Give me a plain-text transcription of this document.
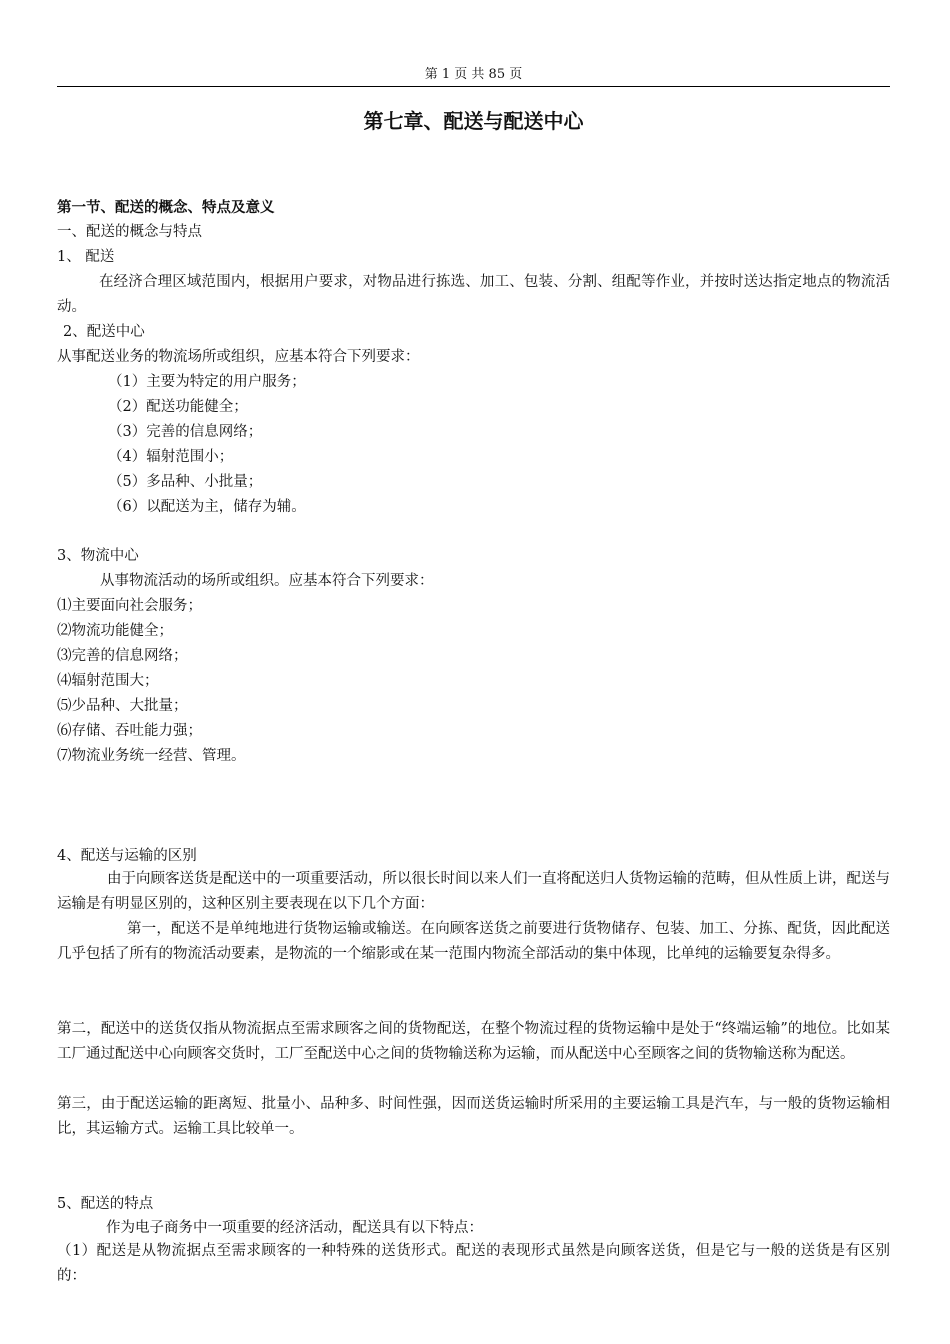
第 1 页 共 85 页
第七章、配送与配送中心
第一节、配送的概念、特点及意义
一、配送的概念与特点
1、 配送
在经济合理区域范围内，根据用户要求，对物品进行拣选、加工、包装、分割、组配等作业，并按时送达指定地点的物流活动。
2、配送中心
从事配送业务的物流场所或组织，应基本符合下列要求：
（1）主要为特定的用户服务；
（2）配送功能健全；
（3）完善的信息网络；
（4）辐射范围小；
（5）多品种、小批量；
（6）以配送为主，储存为辅。
3、物流中心
从事物流活动的场所或组织。应基本符合下列要求：
⑴主要面向社会服务；
⑵物流功能健全；
⑶完善的信息网络；
⑷辐射范围大；
⑸少品种、大批量；
⑹存储、吞吐能力强；
⑺物流业务统一经营、管理。
4、配送与运输的区别
由于向顾客送货是配送中的一项重要活动，所以很长时间以来人们一直将配送归人货物运输的范畴，但从性质上讲，配送与运输是有明显区别的，这种区别主要表现在以下几个方面：
第一，配送不是单纯地进行货物运输或输送。在向顾客送货之前要进行货物储存、包装、加工、分拣、配货，因此配送几乎包括了所有的物流活动要素，是物流的一个缩影或在某一范围内物流全部活动的集中体现，比单纯的运输要复杂得多。
第二，配送中的送货仅指从物流据点至需求顾客之间的货物配送，在整个物流过程的货物运输中是处于“终端运输”的地位。比如某工厂通过配送中心向顾客交货时，工厂至配送中心之间的货物输送称为运输，而从配送中心至顾客之间的货物输送称为配送。
第三，由于配送运输的距离短、批量小、品种多、时间性强，因而送货运输时所采用的主要运输工具是汽车，与一般的货物运输相比，其运输方式。运输工具比较单一。
5、配送的特点
作为电子商务中一项重要的经济活动，配送具有以下特点：
（1）配送是从物流据点至需求顾客的一种特殊的送货形式。配送的表现形式虽然是向顾客送货，但是它与一般的送货是有区别的：
